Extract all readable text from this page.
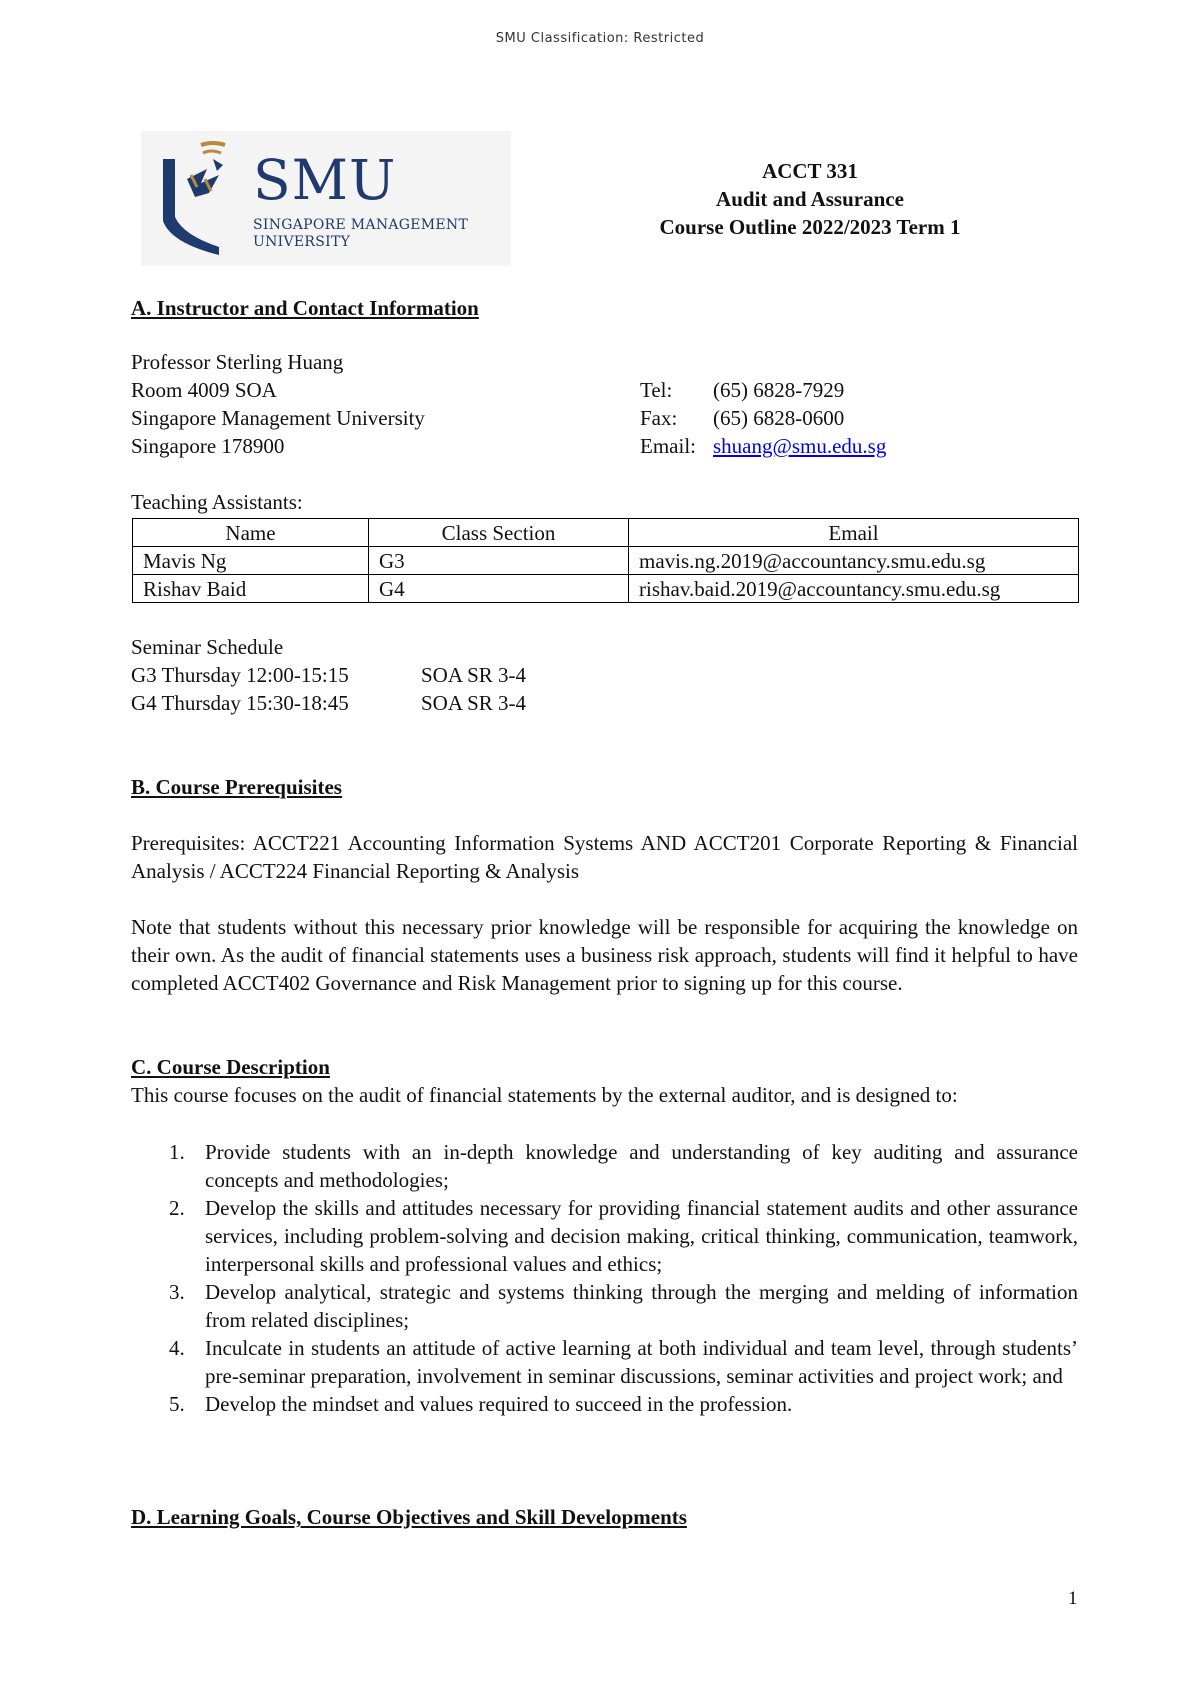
SMU Classification: Restricted
SMU
SINGAPORE MANAGEMENT
UNIVERSITY
ACCT 331
Audit and Assurance
Course Outline 2022/2023 Term 1
A. Instructor and Contact Information
Professor Sterling Huang
Room 4009 SOA
Singapore Management University
Singapore 178900
Tel: (65) 6828-7929
Fax: (65) 6828-0600
Email: shuang@smu.edu.sg
Teaching Assistants:
Name	Class Section	Email
Mavis Ng	G3	mavis.ng.2019@accountancy.smu.edu.sg
Rishav Baid	G4	rishav.baid.2019@accountancy.smu.edu.sg
Seminar Schedule
G3 Thursday 12:00-15:15	SOA SR 3-4
G4 Thursday 15:30-18:45	SOA SR 3-4
B. Course Prerequisites
Prerequisites: ACCT221 Accounting Information Systems AND ACCT201 Corporate Reporting & Financial Analysis / ACCT224 Financial Reporting & Analysis
Note that students without this necessary prior knowledge will be responsible for acquiring the knowledge on their own. As the audit of financial statements uses a business risk approach, students will find it helpful to have completed ACCT402 Governance and Risk Management prior to signing up for this course.
C. Course Description
This course focuses on the audit of financial statements by the external auditor, and is designed to:
1. Provide students with an in-depth knowledge and understanding of key auditing and assurance concepts and methodologies;
2. Develop the skills and attitudes necessary for providing financial statement audits and other assurance services, including problem-solving and decision making, critical thinking, communication, teamwork, interpersonal skills and professional values and ethics;
3. Develop analytical, strategic and systems thinking through the merging and melding of information from related disciplines;
4. Inculcate in students an attitude of active learning at both individual and team level, through students’ pre-seminar preparation, involvement in seminar discussions, seminar activities and project work; and
5. Develop the mindset and values required to succeed in the profession.
D. Learning Goals, Course Objectives and Skill Developments
1
